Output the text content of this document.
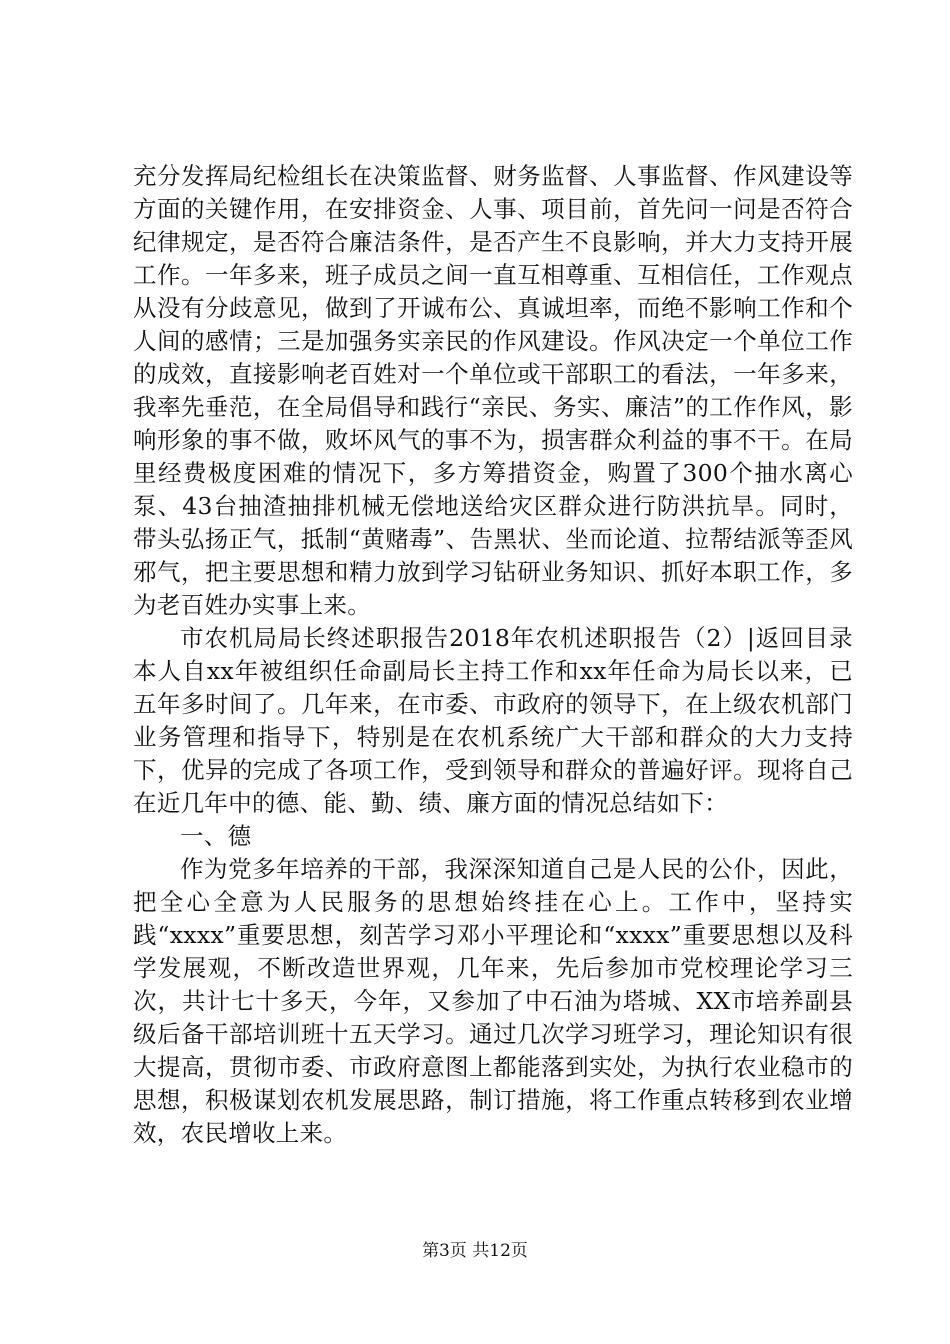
充分发挥局纪检组长在决策监督、财务监督、人事监督、作风建设等方面的关键作用，在安排资金、人事、项目前，首先问一问是否符合纪律规定，是否符合廉洁条件，是否产生不良影响，并大力支持开展工作。一年多来，班子成员之间一直互相尊重、互相信任，工作观点从没有分歧意见，做到了开诚布公、真诚坦率，而绝不影响工作和个人间的感情；三是加强务实亲民的作风建设。作风决定一个单位工作的成效，直接影响老百姓对一个单位或干部职工的看法，一年多来，我率先垂范，在全局倡导和践行“亲民、务实、廉洁”的工作作风，影响形象的事不做，败坏风气的事不为，损害群众利益的事不干。在局里经费极度困难的情况下，多方筹措资金，购置了300个抽水离心泵、43台抽渣抽排机械无偿地送给灾区群众进行防洪抗旱。同时，带头弘扬正气，抵制“黄赌毒”、告黑状、坐而论道、拉帮结派等歪风邪气，把主要思想和精力放到学习钻研业务知识、抓好本职工作，多为老百姓办实事上来。

市农机局局长终述职报告2018年农机述职报告（2）|返回目录本人自xx年被组织任命副局长主持工作和xx年任命为局长以来，已五年多时间了。几年来，在市委、市政府的领导下，在上级农机部门业务管理和指导下，特别是在农机系统广大干部和群众的大力支持下，优异的完成了各项工作，受到领导和群众的普遍好评。现将自己在近几年中的德、能、勤、绩、廉方面的情况总结如下：

一、德

作为党多年培养的干部，我深深知道自己是人民的公仆，因此，把全心全意为人民服务的思想始终挂在心上。工作中，坚持实践“xxxx”重要思想，刻苦学习邓小平理论和“xxxx”重要思想以及科学发展观，不断改造世界观，几年来，先后参加市党校理论学习三次，共计七十多天，今年，又参加了中石油为塔城、XX市培养副县级后备干部培训班十五天学习。通过几次学习班学习，理论知识有很大提高，贯彻市委、市政府意图上都能落到实处，为执行农业稳市的思想，积极谋划农机发展思路，制订措施，将工作重点转移到农业增效，农民增收上来。

第3页 共12页
